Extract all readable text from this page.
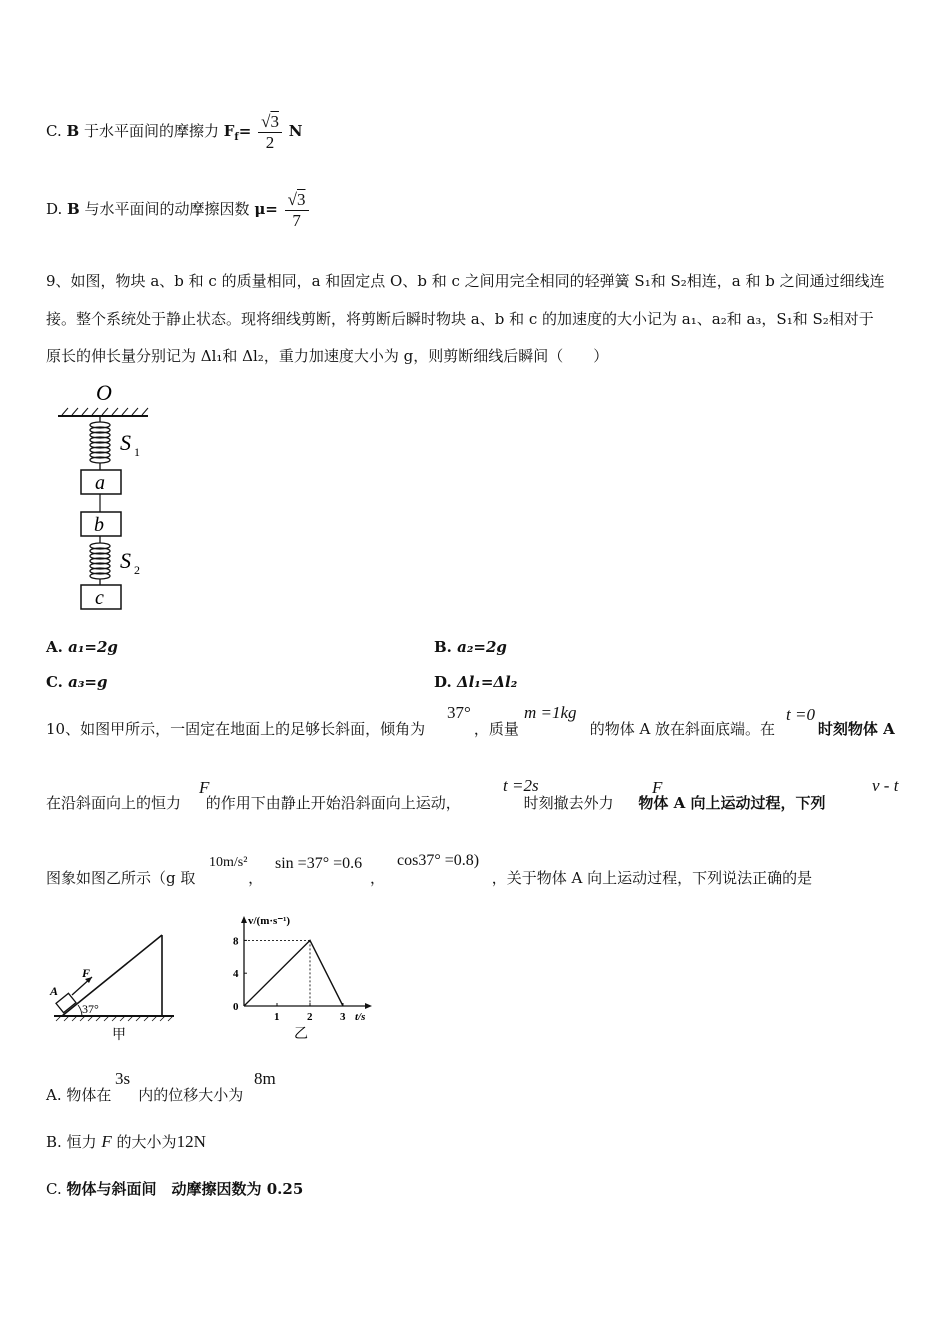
C. B 于水平面间的摩擦力 $F_f= \frac{√3}{2}$ N
D. B 与水平面间的动摩擦因数 $\mu= \frac{√3}{7}$
9、如图，物块 a、b 和 c 的质量相同，a 和固定点 O、b 和 c 之间用完全相同的轻弹簧 S₁和 S₂相连，a 和 b 之间通过细线连
接。整个系统处于静止状态。现将细线剪断，将剪断后瞬时物块 a、b 和 c 的加速度的大小记为 a₁、a₂和 a₃，S₁和 S₂相对于
原长的伸长量分别记为 Δl₁和 Δl₂，重力加速度大小为 g，则剪断细线后瞬间（　　）
O
S 1
a
b
S 2
c
A. a₁=2g	B. a₂=2g
C. a₃=g	D. Δl₁=Δl₂
10、如图甲所示，一固定在地面上的足够长斜面，倾角为	，质量	的物体 A 放在斜面底端。在	时刻物体 A
37°	m =1kg	t =0
在沿斜面向上的恒力 的作用下由静止开始沿斜面向上运动，	时刻撤去外力 物体 A 向上运动过程，下列
F	t =2s	F	v - t
图象如图乙所示（g 取	，	，	，关于物体 A 向上运动过程，下列说法正确的是
10m/s² sin =37° =0.6 cos37° =0.8)
F
A
37°
甲
v/(m·s⁻¹)
t/s
8
4
0
1	2	3
乙
A. 物体在 内的位移大小为
3s	8m
B. 恒力 F 的大小为12N
C. 物体与斜面间　动摩擦因数为 0.25
